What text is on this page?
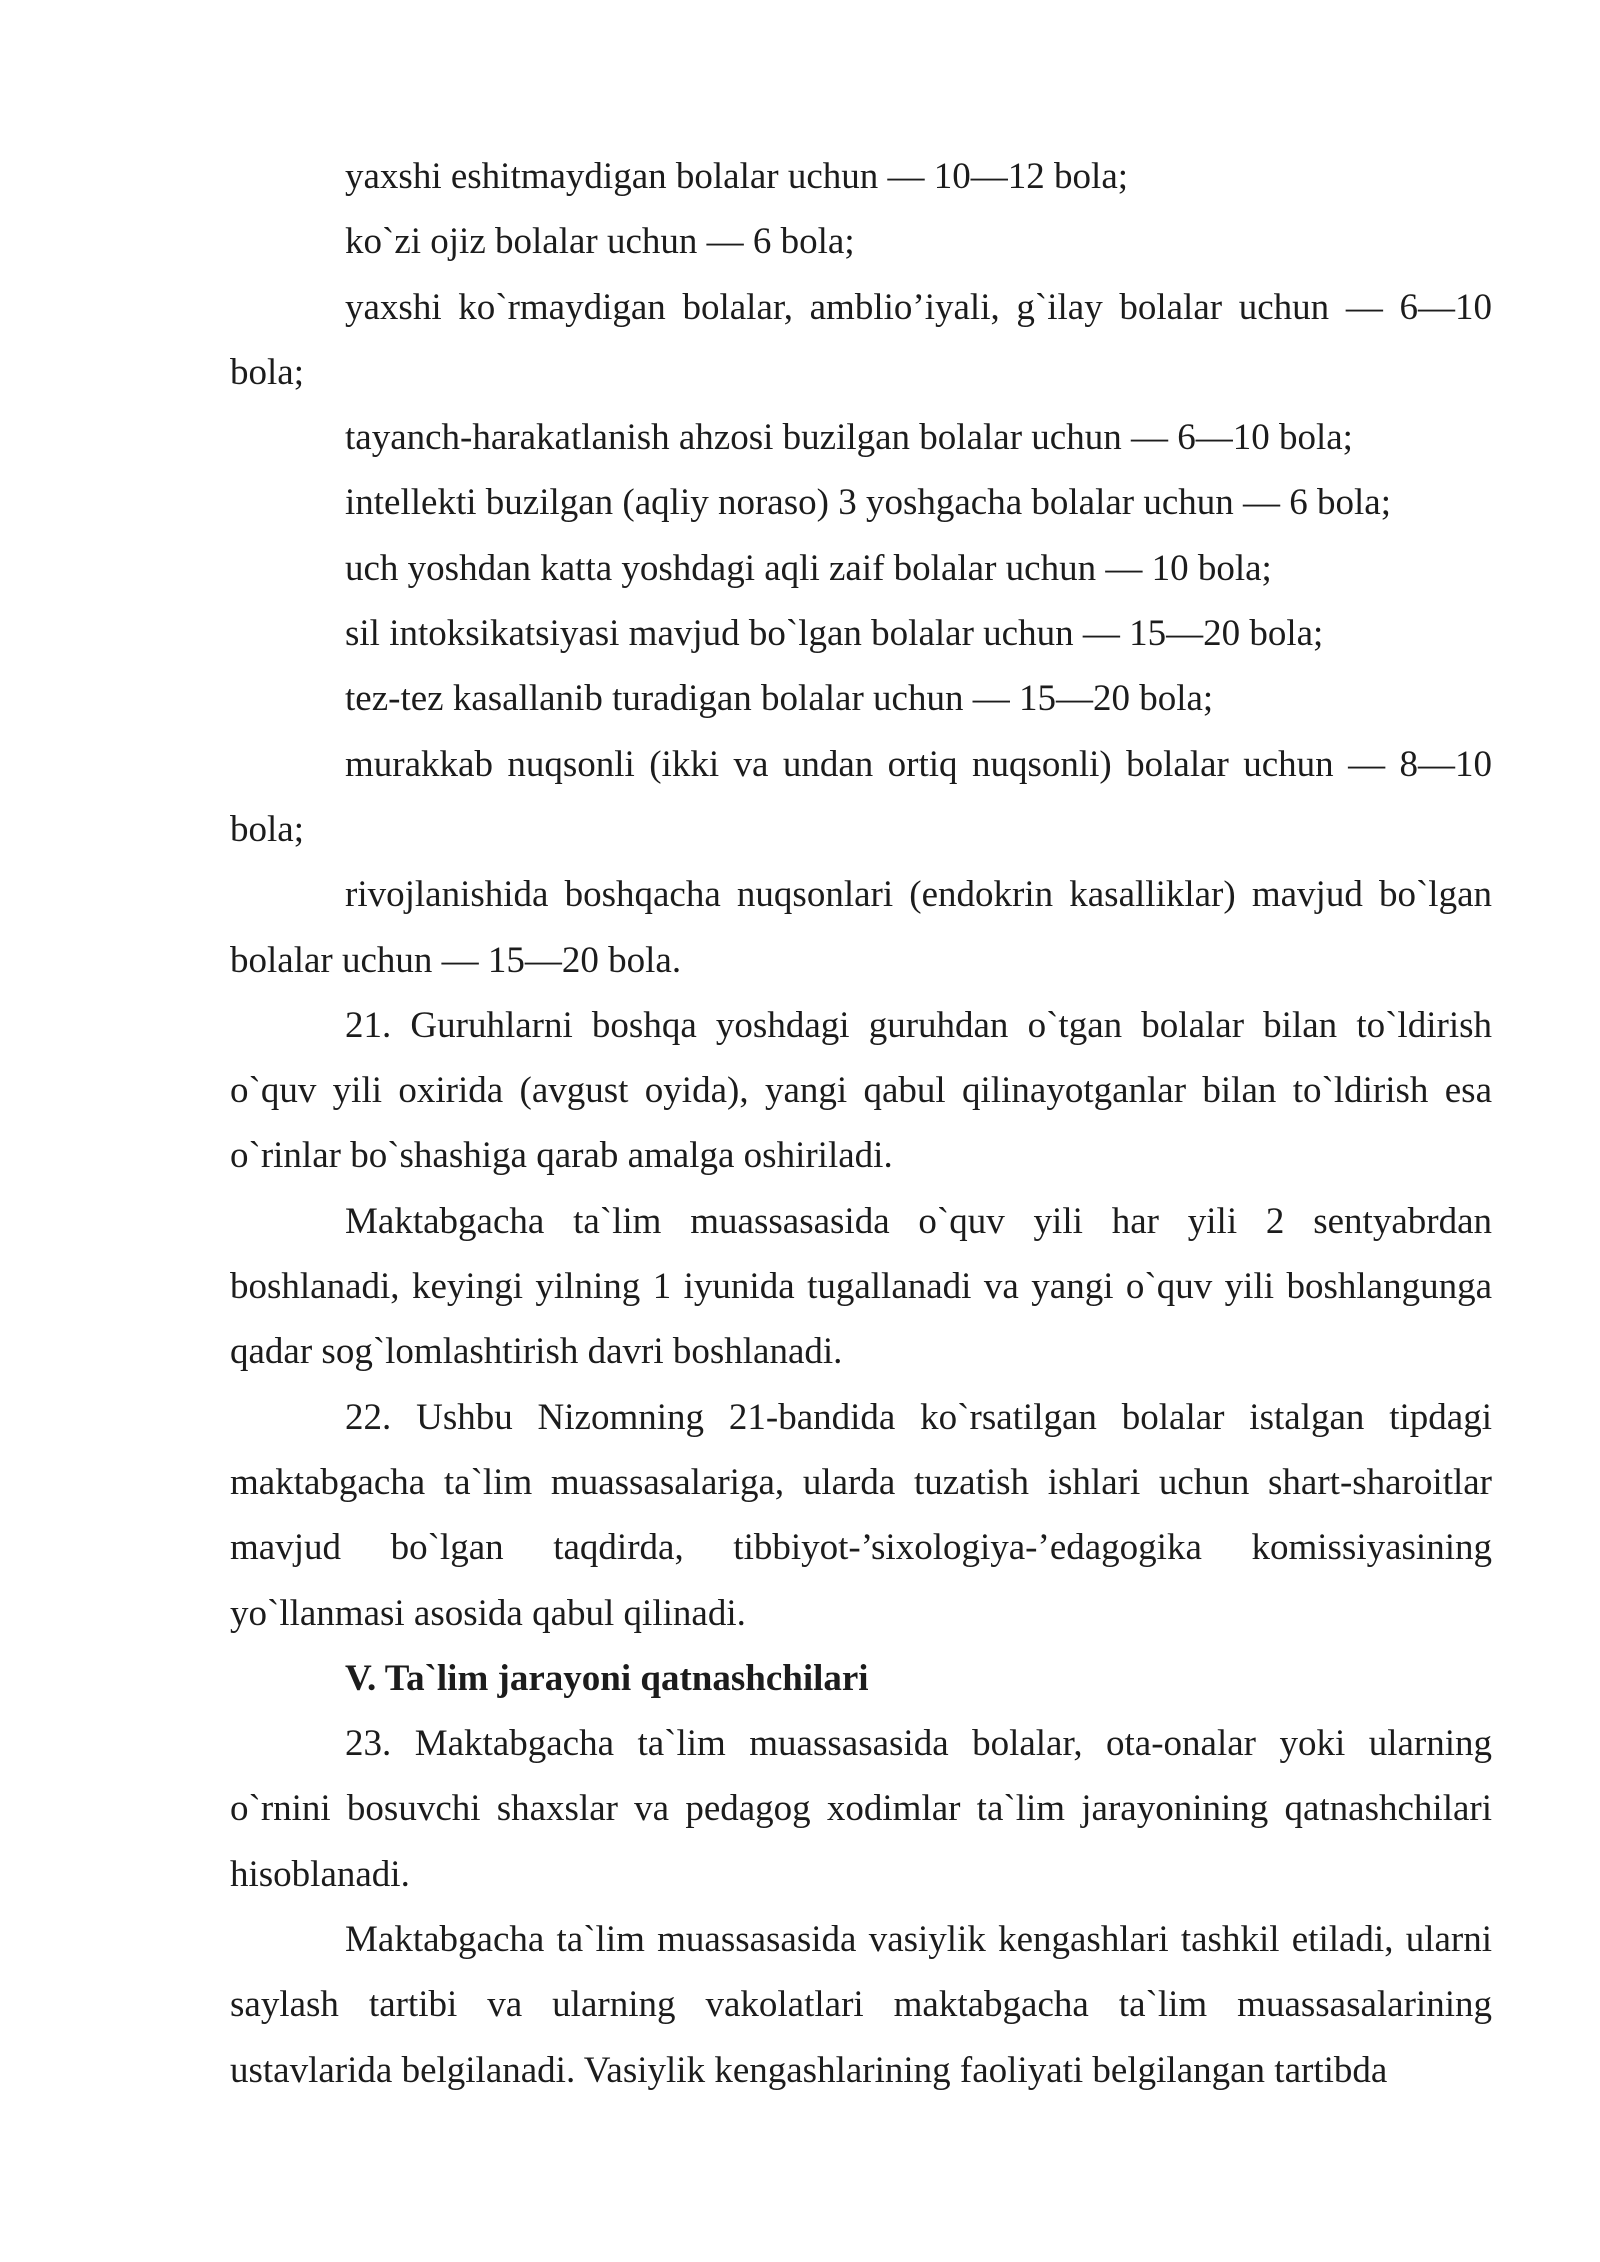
yaxshi eshitmaydigan bolalar uchun — 10—12 bola;

ko`zi ojiz bolalar uchun — 6 bola;

yaxshi ko`rmaydigan bolalar, amblio’iyali, g`ilay bolalar uchun — 6—10 bola;

tayanch-harakatlanish ahzosi buzilgan bolalar uchun — 6—10 bola;

intellekti buzilgan (aqliy noraso) 3 yoshgacha bolalar uchun — 6 bola;

uch yoshdan katta yoshdagi aqli zaif bolalar uchun — 10 bola;

sil intoksikatsiyasi mavjud bo`lgan bolalar uchun — 15—20 bola;

tez-tez kasallanib turadigan bolalar uchun — 15—20 bola;

murakkab nuqsonli (ikki va undan ortiq nuqsonli) bolalar uchun — 8—10 bola;

rivojlanishida boshqacha nuqsonlari (endokrin kasalliklar) mavjud bo`lgan bolalar uchun — 15—20 bola.

21. Guruhlarni boshqa yoshdagi guruhdan o`tgan bolalar bilan to`ldirish o`quv yili oxirida (avgust oyida), yangi qabul qilinayotganlar bilan to`ldirish esa o`rinlar bo`shashiga qarab amalga oshiriladi.

Maktabgacha ta`lim muassasasida o`quv yili har yili 2 sentyabrdan boshlanadi, keyingi yilning 1 iyunida tugallanadi va yangi o`quv yili boshlangunga qadar sog`lomlashtirish davri boshlanadi.

22. Ushbu Nizomning 21-bandida ko`rsatilgan bolalar istalgan tipdagi maktabgacha ta`lim muassasalariga, ularda tuzatish ishlari uchun shart-sharoitlar mavjud bo`lgan taqdirda, tibbiyot-’sixologiya-’edagogika komissiyasining yo`llanmasi asosida qabul qilinadi.

V. Ta`lim jarayoni qatnashchilari

23. Maktabgacha ta`lim muassasasida bolalar, ota-onalar yoki ularning o`rnini bosuvchi shaxslar va pedagog xodimlar ta`lim jarayonining qatnashchilari hisoblanadi.

Maktabgacha ta`lim muassasasida vasiylik kengashlari tashkil etiladi, ularni saylash tartibi va ularning vakolatlari maktabgacha ta`lim muassasalarining ustavlarida belgilanadi. Vasiylik kengashlarining faoliyati belgilangan tartibda
